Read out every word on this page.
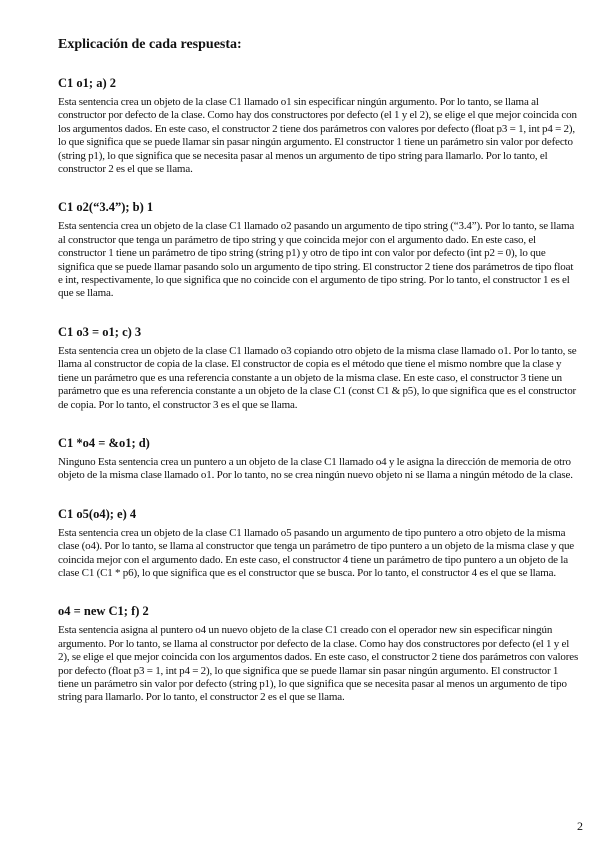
Explicación de cada respuesta:
C1 o1; a) 2

Esta sentencia crea un objeto de la clase C1 llamado o1 sin especificar ningún argumento. Por lo tanto, se llama al constructor por defecto de la clase. Como hay dos constructores por defecto (el 1 y el 2), se elige el que mejor coincida con los argumentos dados. En este caso, el constructor 2 tiene dos parámetros con valores por defecto (float p3 = 1, int p4 = 2), lo que significa que se puede llamar sin pasar ningún argumento. El constructor 1 tiene un parámetro sin valor por defecto (string p1), lo que significa que se necesita pasar al menos un argumento de tipo string para llamarlo. Por lo tanto, el constructor 2 es el que se llama.

C1 o2(“3.4”); b) 1

Esta sentencia crea un objeto de la clase C1 llamado o2 pasando un argumento de tipo string (“3.4”). Por lo tanto, se llama al constructor que tenga un parámetro de tipo string y que coincida mejor con el argumento dado. En este caso, el constructor 1 tiene un parámetro de tipo string (string p1) y otro de tipo int con valor por defecto (int p2 = 0), lo que significa que se puede llamar pasando solo un argumento de tipo string. El constructor 2 tiene dos parámetros de tipo float e int, respectivamente, lo que significa que no coincide con el argumento de tipo string. Por lo tanto, el constructor 1 es el que se llama.

C1 o3 = o1; c) 3

Esta sentencia crea un objeto de la clase C1 llamado o3 copiando otro objeto de la misma clase llamado o1. Por lo tanto, se llama al constructor de copia de la clase. El constructor de copia es el método que tiene el mismo nombre que la clase y tiene un parámetro que es una referencia constante a un objeto de la misma clase. En este caso, el constructor 3 tiene un parámetro que es una referencia constante a un objeto de la clase C1 (const C1 & p5), lo que significa que es el constructor de copia. Por lo tanto, el constructor 3 es el que se llama.

C1 *o4 = &o1; d)

Ninguno Esta sentencia crea un puntero a un objeto de la clase C1 llamado o4 y le asigna la dirección de memoria de otro objeto de la misma clase llamado o1. Por lo tanto, no se crea ningún nuevo objeto ni se llama a ningún método de la clase.

C1 o5(o4); e) 4

Esta sentencia crea un objeto de la clase C1 llamado o5 pasando un argumento de tipo puntero a otro objeto de la misma clase (o4). Por lo tanto, se llama al constructor que tenga un parámetro de tipo puntero a un objeto de la misma clase y que coincida mejor con el argumento dado. En este caso, el constructor 4 tiene un parámetro de tipo puntero a un objeto de la clase C1 (C1 * p6), lo que significa que es el constructor que se busca. Por lo tanto, el constructor 4 es el que se llama.

o4 = new C1; f) 2

Esta sentencia asigna al puntero o4 un nuevo objeto de la clase C1 creado con el operador new sin especificar ningún argumento. Por lo tanto, se llama al constructor por defecto de la clase. Como hay dos constructores por defecto (el 1 y el 2), se elige el que mejor coincida con los argumentos dados. En este caso, el constructor 2 tiene dos parámetros con valores por defecto (float p3 = 1, int p4 = 2), lo que significa que se puede llamar sin pasar ningún argumento. El constructor 1 tiene un parámetro sin valor por defecto (string p1), lo que significa que se necesita pasar al menos un argumento de tipo string para llamarlo. Por lo tanto, el constructor 2 es el que se llama.

2
